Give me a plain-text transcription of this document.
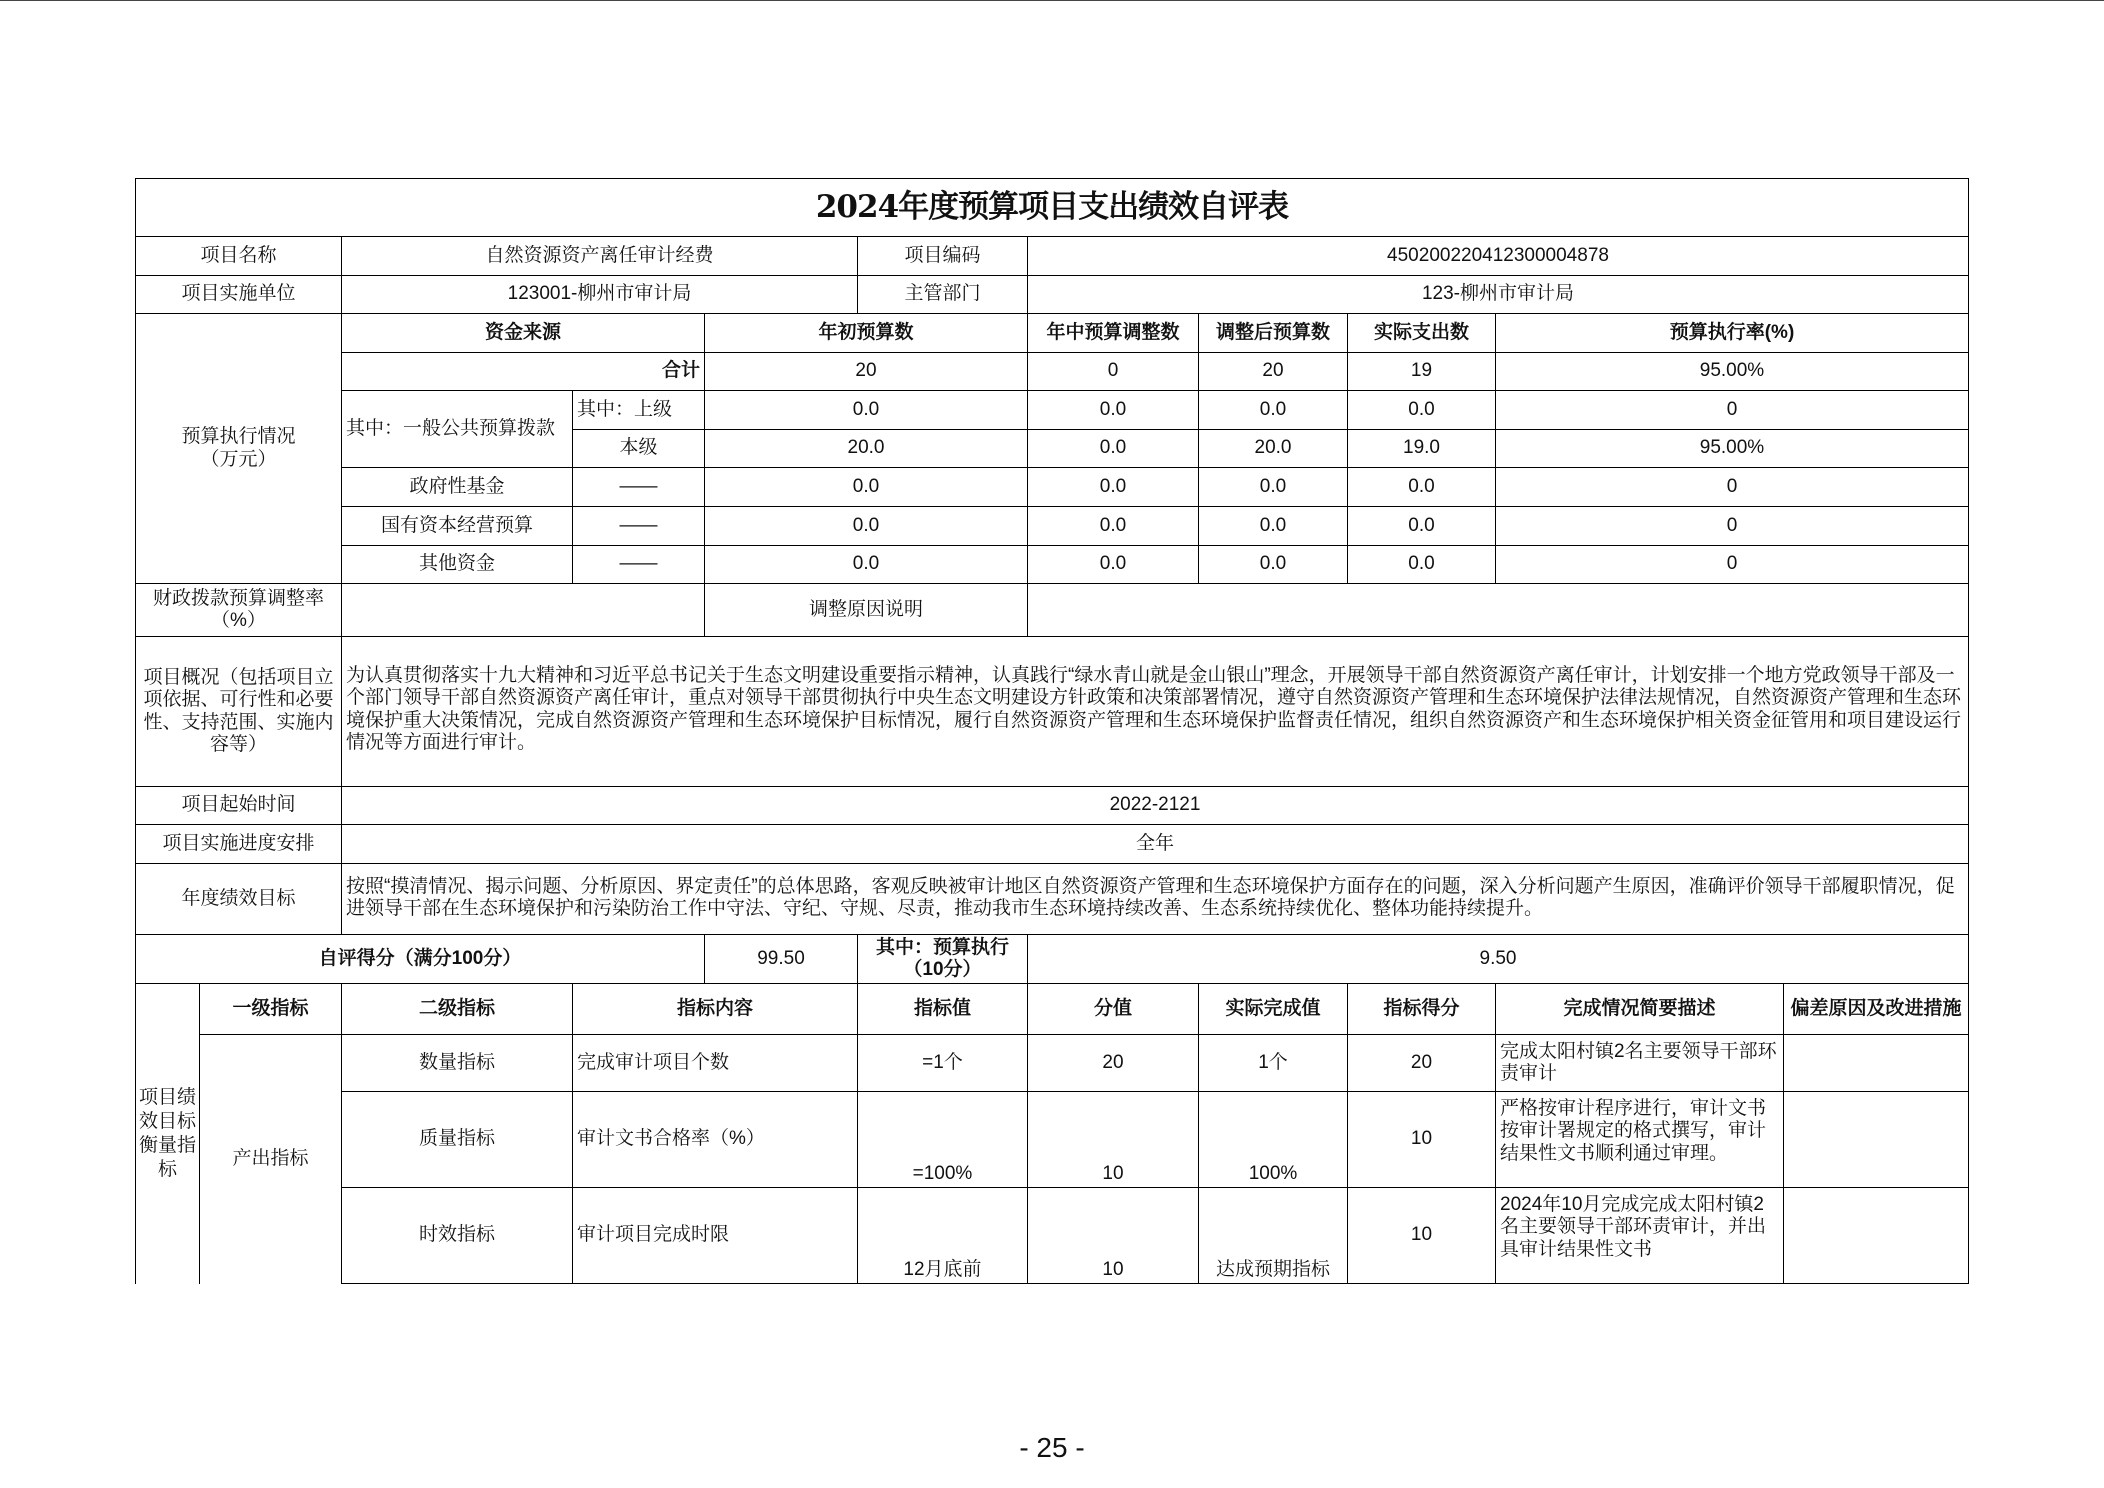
2024年度预算项目支出绩效自评表										
项目名称		自然资源资产离任审计经费			项目编码	450200220412300004878				
项目实施单位		123001-柳州市审计局			主管部门	123-柳州市审计局				
预算执行情况
（万元）		资金来源		年初预算数		年中预算调整数	调整后预算数	实际支出数	预算执行率(%)	
		合计		20		0	20	19	95.00%	
		其中：一般公共预算拨款	其中：上级	0.0		0.0	0.0	0.0	0	
			本级	20.0		0.0	20.0	19.0	95.00%	
		政府性基金	——	0.0		0.0	0.0	0.0	0	
		国有资本经营预算	——	0.0		0.0	0.0	0.0	0	
		其他资金	——	0.0		0.0	0.0	0.0	0	
财政拨款预算调整率（%）				调整原因说明						
项目概况（包括项目立项依据、可行性和必要性、支持范围、实施内容等）		为认真贯彻落实十九大精神和习近平总书记关于生态文明建设重要指示精神，认真践行“绿水青山就是金山银山”理念，开展领导干部自然资源资产离任审计，计划安排一个地方党政领导干部及一个部门领导干部自然资源资产离任审计，重点对领导干部贯彻执行中央生态文明建设方针政策和决策部署情况，遵守自然资源资产管理和生态环境保护法律法规情况，自然资源资产管理和生态环境保护重大决策情况，完成自然资源资产管理和生态环境保护目标情况，履行自然资源资产管理和生态环境保护监督责任情况，组织自然资源资产和生态环境保护相关资金征管用和项目建设运行情况等方面进行审计。								
项目起始时间		2022-2121								
项目实施进度安排		全年								
年度绩效目标		按照“摸清情况、揭示问题、分析原因、界定责任”的总体思路，客观反映被审计地区自然资源资产管理和生态环境保护方面存在的问题，深入分析问题产生原因，准确评价领导干部履职情况，促进领导干部在生态环境保护和污染防治工作中守法、守纪、守规、尽责，推动我市生态环境持续改善、生态系统持续优化、整体功能持续提升。								
自评得分（满分100分）				99.50	其中：预算执行（10分）	9.50				
项目绩效目标衡量指标	一级指标	二级指标	指标内容		指标值	分值	实际完成值	指标得分	完成情况简要描述	偏差原因及改进措施
	产出指标	数量指标	完成审计项目个数		=1个	20	1个	20	完成太阳村镇2名主要领导干部环责审计	
		质量指标	审计文书合格率（%）		=100%	10	100%	10	严格按审计程序进行，审计文书按审计署规定的格式撰写，审计结果性文书顺利通过审理。	
		时效指标	审计项目完成时限		12月底前	10	达成预期指标	10	2024年10月完成完成太阳村镇2名主要领导干部环责审计，并出具审计结果性文书	
- 25 -
